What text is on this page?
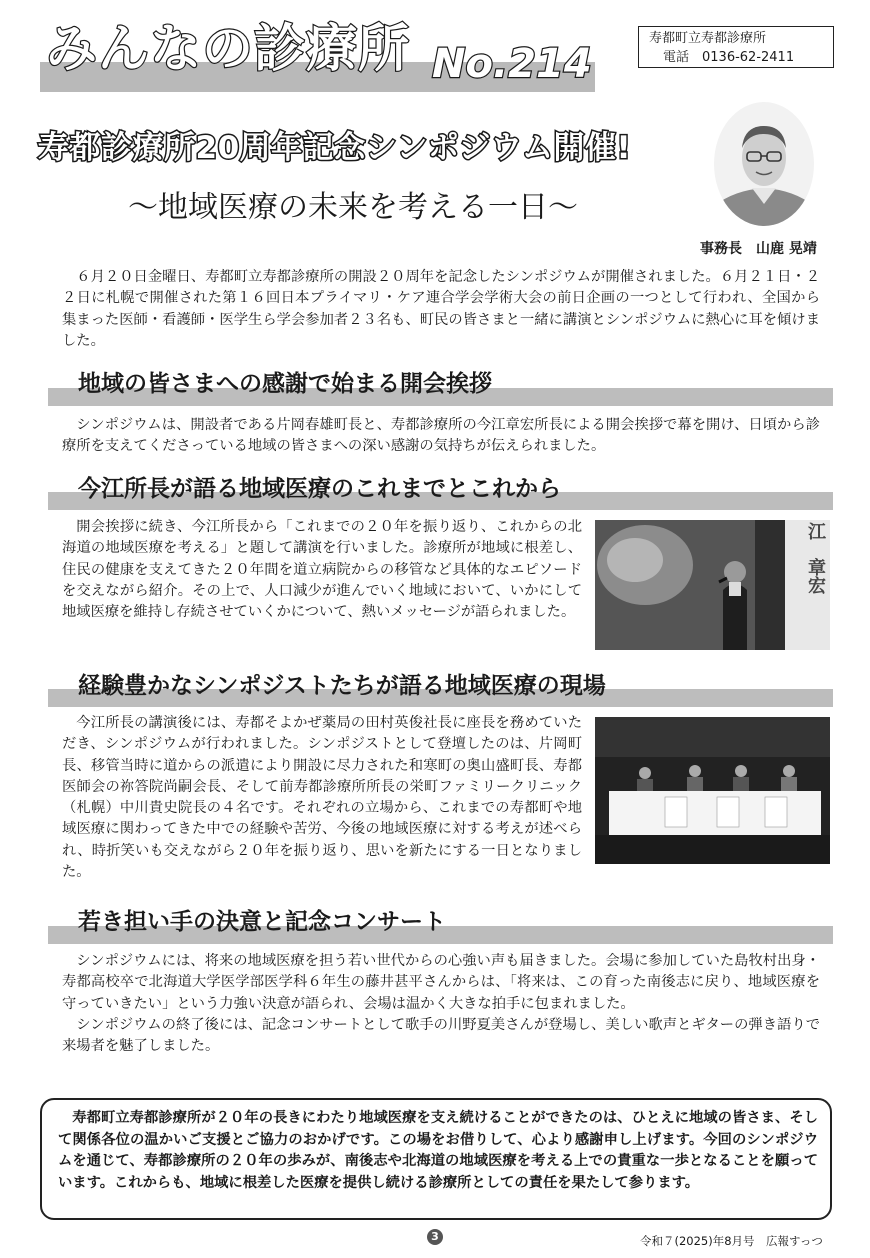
みんなの診療所 No.214
寿都町立寿都診療所
電話　0136-62-2411
寿都診療所20周年記念シンポジウム開催!
～地域医療の未来を考える一日～
事務長　山鹿 晃靖

６月２０日金曜日、寿都町立寿都診療所の開設２０周年を記念したシンポジウムが開催されました。６月２１日・２２日に札幌で開催された第１６回日本プライマリ・ケア連合学会学術大会の前日企画の一つとして行われ、全国から集まった医師・看護師・医学生ら学会参加者２３名も、町民の皆さまと一緒に講演とシンポジウムに熱心に耳を傾けました。

地域の皆さまへの感謝で始まる開会挨拶

シンポジウムは、開設者である片岡春雄町長と、寿都診療所の今江章宏所長による開会挨拶で幕を開け、日頃から診療所を支えてくださっている地域の皆さまへの深い感謝の気持ちが伝えられました。

今江所長が語る地域医療のこれまでとこれから

開会挨拶に続き、今江所長から「これまでの２０年を振り返り、これからの北海道の地域医療を考える」と題して講演を行いました。診療所が地域に根差し、住民の健康を支えてきた２０年間を道立病院からの移管など具体的なエピソードを交えながら紹介。その上で、人口減少が進んでいく地域において、いかにして地域医療を維持し存続させていくかについて、熱いメッセージが語られました。

江　章宏
経験豊かなシンポジストたちが語る地域医療の現場

今江所長の講演後には、寿都そよかぜ薬局の田村英俊社長に座長を務めていただき、シンポジウムが行われました。シンポジストとして登壇したのは、片岡町長、移管当時に道からの派遣により開設に尽力された和寒町の奥山盛町長、寿都医師会の祢答院尚嗣会長、そして前寿都診療所所長の栄町ファミリークリニック（札幌）中川貴史院長の４名です。それぞれの立場から、これまでの寿都町や地域医療に関わってきた中での経験や苦労、今後の地域医療に対する考えが述べられ、時折笑いも交えながら２０年を振り返り、思いを新たにする一日となりました。

若き担い手の決意と記念コンサート

シンポジウムには、将来の地域医療を担う若い世代からの心強い声も届きました。会場に参加していた島牧村出身・寿都高校卒で北海道大学医学部医学科６年生の藤井甚平さんからは、「将来は、この育った南後志に戻り、地域医療を守っていきたい」という力強い決意が語られ、会場は温かく大きな拍手に包まれました。

シンポジウムの終了後には、記念コンサートとして歌手の川野夏美さんが登場し、美しい歌声とギターの弾き語りで来場者を魅了しました。

寿都町立寿都診療所が２０年の長きにわたり地域医療を支え続けることができたのは、ひとえに地域の皆さま、そして関係各位の温かいご支援とご協力のおかげです。この場をお借りして、心より感謝申し上げます。今回のシンポジウムを通じて、寿都診療所の２０年の歩みが、南後志や北海道の地域医療を考える上での貴重な一歩となることを願っています。これからも、地域に根差した医療を提供し続ける診療所としての責任を果たして参ります。

3	令和７(2025)年8月号　広報すっつ
